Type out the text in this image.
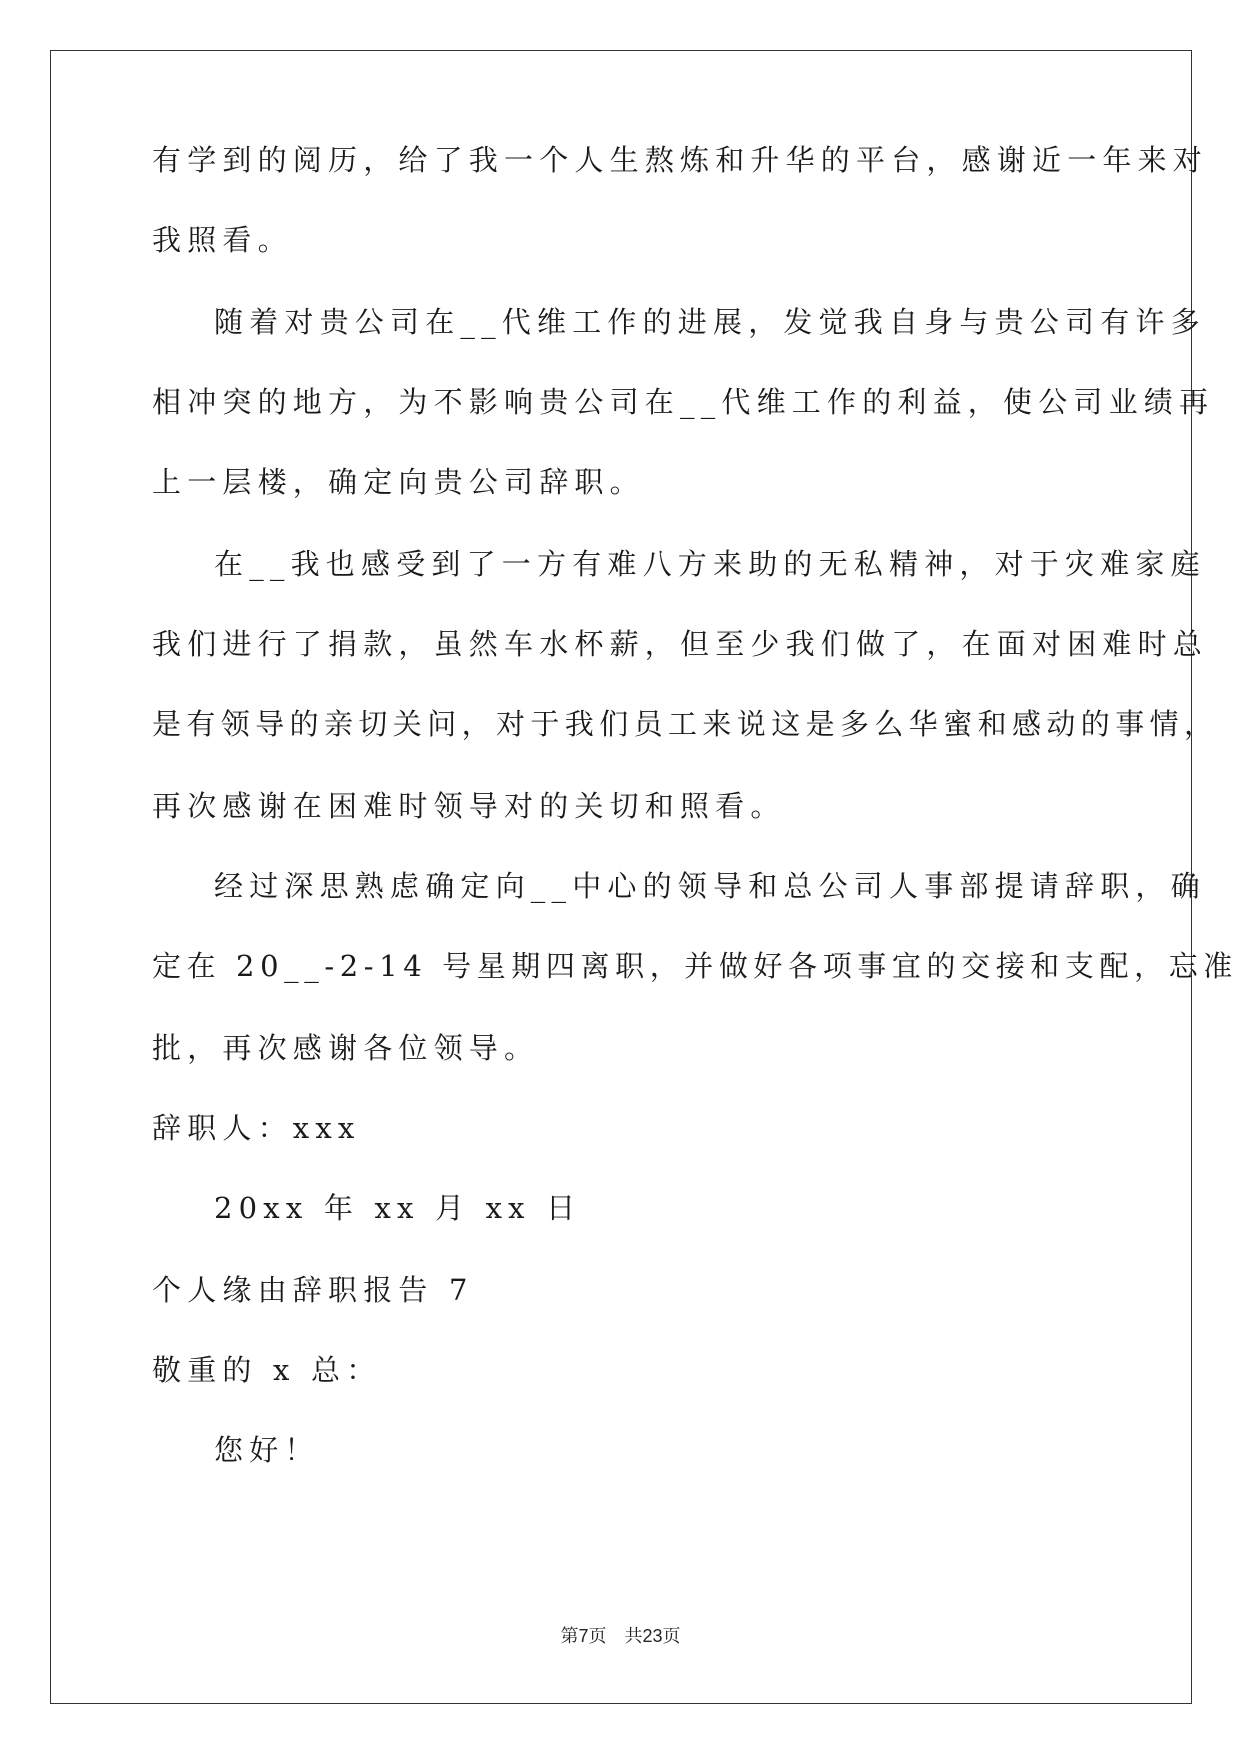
有学到的阅历，给了我一个人生熬炼和升华的平台，感谢近一年来对
我照看。
随着对贵公司在__代维工作的进展，发觉我自身与贵公司有许多
相冲突的地方，为不影响贵公司在__代维工作的利益，使公司业绩再
上一层楼，确定向贵公司辞职。
在__我也感受到了一方有难八方来助的无私精神，对于灾难家庭
我们进行了捐款，虽然车水杯薪，但至少我们做了，在面对困难时总
是有领导的亲切关问，对于我们员工来说这是多么华蜜和感动的事情，
再次感谢在困难时领导对的关切和照看。
经过深思熟虑确定向__中心的领导和总公司人事部提请辞职，确
定在 20__-2-14 号星期四离职，并做好各项事宜的交接和支配，忘准
批，再次感谢各位领导。
辞职人：xxx
20xx 年 xx 月 xx 日
个人缘由辞职报告 7
敬重的 x 总：
您好！
第7页　共23页
